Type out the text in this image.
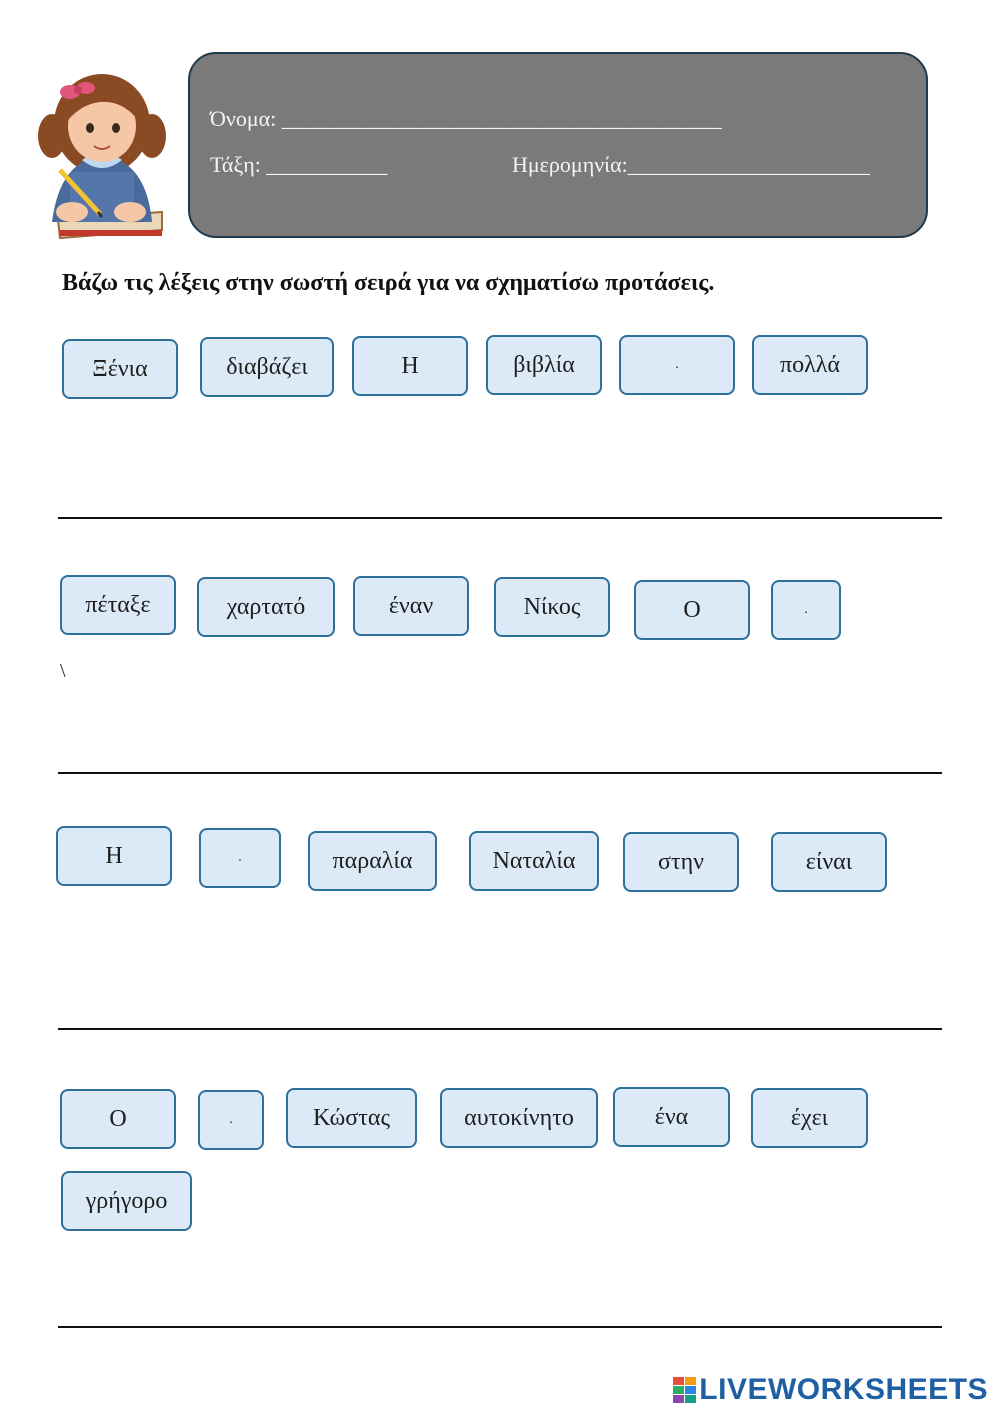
Όνομα: ________________________________________
Τάξη: ___________	Ημερομηνία:______________________
Βάζω τις λέξεις στην σωστή σειρά για να σχηματίσω προτάσεις.
Ξένια	διαβάζει	Η	βιβλία	.	πολλά
πέταξε	χαρτατό	έναν	Νίκος	Ο	.
\
Η	.	παραλία	Ναταλία	στην	είναι
Ο	.	Κώστας	αυτοκίνητο	ένα	έχει
γρήγορο
LIVEWORKSHEETS
